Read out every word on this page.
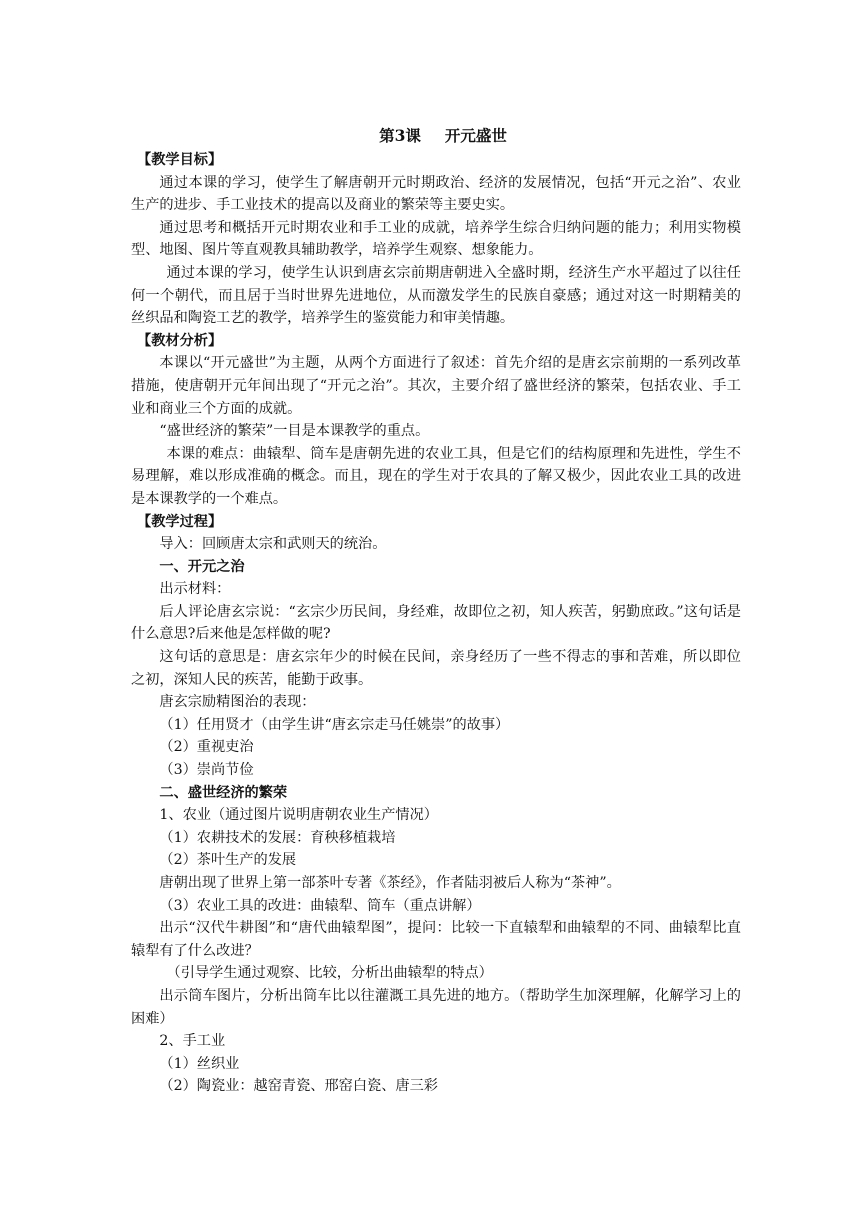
第3课 开元盛世

【教学目标】

通过本课的学习，使学生了解唐朝开元时期政治、经济的发展情况，包括“开元之治”、农业生产的进步、手工业技术的提高以及商业的繁荣等主要史实。

通过思考和概括开元时期农业和手工业的成就，培养学生综合归纳问题的能力；利用实物模型、地图、图片等直观教具辅助教学，培养学生观察、想象能力。

通过本课的学习，使学生认识到唐玄宗前期唐朝进入全盛时期，经济生产水平超过了以往任何一个朝代，而且居于当时世界先进地位，从而激发学生的民族自豪感；通过对这一时期精美的丝织品和陶瓷工艺的教学，培养学生的鉴赏能力和审美情趣。

【教材分析】

本课以“开元盛世”为主题，从两个方面进行了叙述：首先介绍的是唐玄宗前期的一系列改革措施，使唐朝开元年间出现了“开元之治”。其次，主要介绍了盛世经济的繁荣，包括农业、手工业和商业三个方面的成就。

“盛世经济的繁荣”一目是本课教学的重点。

本课的难点：曲辕犁、筒车是唐朝先进的农业工具，但是它们的结构原理和先进性，学生不易理解，难以形成准确的概念。而且，现在的学生对于农具的了解又极少，因此农业工具的改进是本课教学的一个难点。

【教学过程】

导入：回顾唐太宗和武则天的统治。

一、开元之治

出示材料：

后人评论唐玄宗说：“玄宗少历民间，身经难，故即位之初，知人疾苦，躬勤庶政。”这句话是什么意思?后来他是怎样做的呢?

这句话的意思是：唐玄宗年少的时候在民间，亲身经历了一些不得志的事和苦难，所以即位之初，深知人民的疾苦，能勤于政事。

唐玄宗励精图治的表现：

（1）任用贤才（由学生讲“唐玄宗走马任姚崇”的故事）

（2）重视吏治

（3）崇尚节俭

二、盛世经济的繁荣

1、农业（通过图片说明唐朝农业生产情况）

（1）农耕技术的发展：育秧移植栽培

（2）茶叶生产的发展

唐朝出现了世界上第一部茶叶专著《茶经》，作者陆羽被后人称为“茶神”。

（3）农业工具的改进：曲辕犁、筒车（重点讲解）

出示“汉代牛耕图”和“唐代曲辕犁图”，提问：比较一下直辕犁和曲辕犁的不同、曲辕犁比直辕犁有了什么改进？

（引导学生通过观察、比较，分析出曲辕犁的特点）

出示筒车图片，分析出筒车比以往灌溉工具先进的地方。（帮助学生加深理解，化解学习上的困难）

2、手工业

（1）丝织业

（2）陶瓷业：越窑青瓷、邢窑白瓷、唐三彩
